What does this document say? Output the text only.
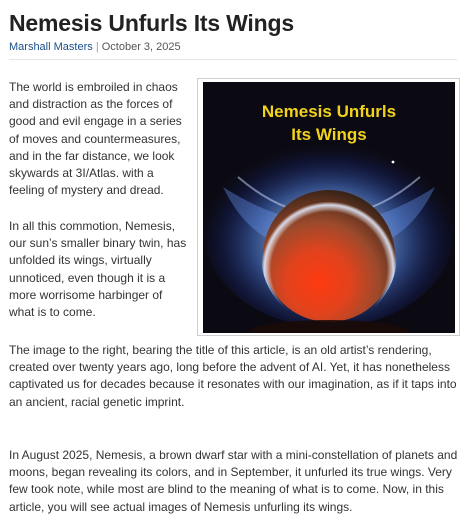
Nemesis Unfurls Its Wings
Marshall Masters | October 3, 2025

The world is embroiled in chaos and distraction as the forces of good and evil engage in a series of moves and countermeasures, and in the far distance, we look skywards at 3I/Atlas. with a feeling of mystery and dread.

In all this commotion, Nemesis, our sun’s smaller binary twin, has unfolded its wings, virtually unnoticed, even though it is a more worrisome harbinger of what is to come.

Nemesis Unfurls
Its Wings

The image to the right, bearing the title of this article, is an old artist’s rendering, created over twenty years ago, long before the advent of AI. Yet, it has nonetheless captivated us for decades because it resonates with our imagination, as if it taps into an ancient, racial genetic imprint.

In August 2025, Nemesis, a brown dwarf star with a mini-constellation of planets and moons, began revealing its colors, and in September, it unfurled its true wings. Very few took note, while most are blind to the meaning of what is to come. Now, in this article, you will see actual images of Nemesis unfurling its wings.
